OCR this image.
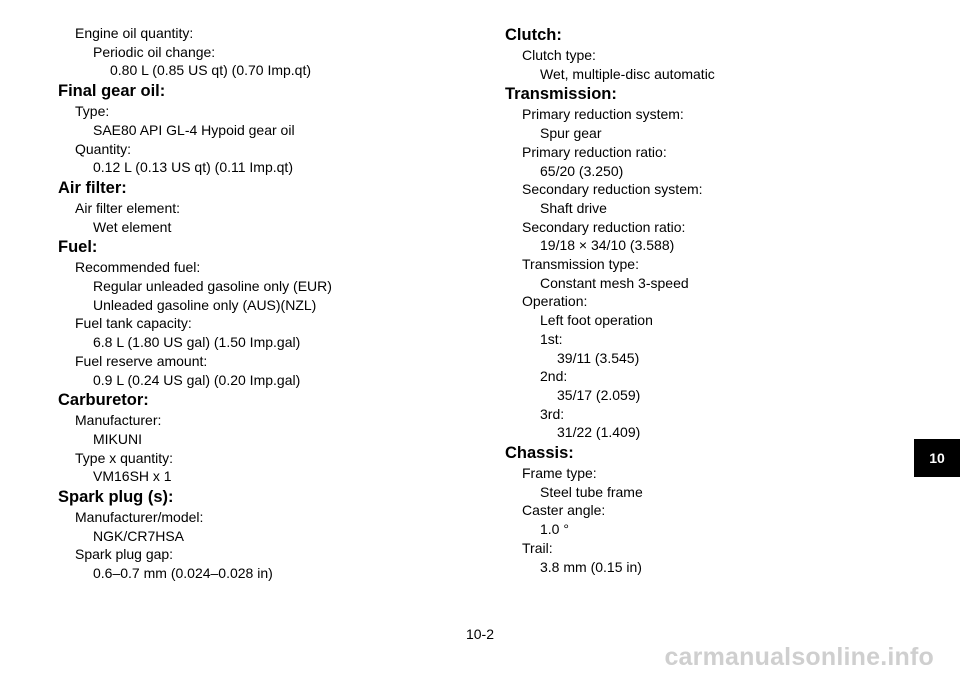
Engine oil quantity:
Periodic oil change:
0.80 L (0.85 US qt) (0.70 Imp.qt)
Final gear oil:
Type:
SAE80 API GL-4 Hypoid gear oil
Quantity:
0.12 L (0.13 US qt) (0.11 Imp.qt)
Air filter:
Air filter element:
Wet element
Fuel:
Recommended fuel:
Regular unleaded gasoline only (EUR)
Unleaded gasoline only (AUS)(NZL)
Fuel tank capacity:
6.8 L (1.80 US gal) (1.50 Imp.gal)
Fuel reserve amount:
0.9 L (0.24 US gal) (0.20 Imp.gal)
Carburetor:
Manufacturer:
MIKUNI
Type x quantity:
VM16SH x 1
Spark plug (s):
Manufacturer/model:
NGK/CR7HSA
Spark plug gap:
0.6–0.7 mm (0.024–0.028 in)
Clutch:
Clutch type:
Wet, multiple-disc automatic
Transmission:
Primary reduction system:
Spur gear
Primary reduction ratio:
65/20 (3.250)
Secondary reduction system:
Shaft drive
Secondary reduction ratio:
19/18 × 34/10 (3.588)
Transmission type:
Constant mesh 3-speed
Operation:
Left foot operation
1st:
39/11 (3.545)
2nd:
35/17 (2.059)
3rd:
31/22 (1.409)
Chassis:
Frame type:
Steel tube frame
Caster angle:
1.0 °
Trail:
3.8 mm (0.15 in)
10
10-2
carmanualsonline.info
